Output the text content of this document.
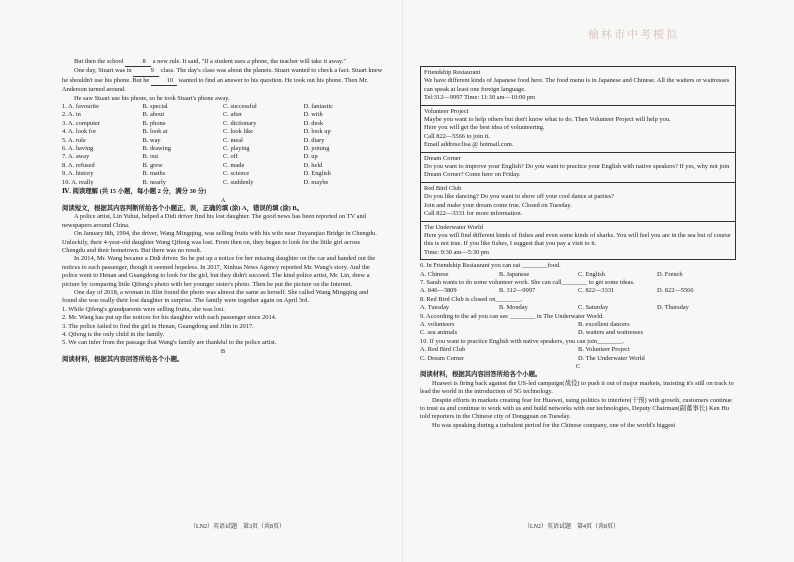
榆林市中考模拟

But then the school	8 a new rule. It said, "If a student uses a phone, the teacher will take it away."

One day, Stuart was in	9 class. The day's class was about the planets. Stuart wanted to check a fact. Stuart knew he shouldn't use his phone. But he 10 wanted to find an answer to his question. He took out his phone. Then Mr. Anderson turned around.

He saw Stuart use his phone, so he took Stuart's phone away.

1. A. favourite	B. special	C. successful	D. fantastic
2. A. in	B. about	C. after	D. with
3. A. computer	B. phone	C. dictionary	D. desk
4. A. look for	B. look at	C. look like	D. look up
5. A. rule	B. way	C. meal	D. diary
6. A. having	B. drawing	C. playing	D. joining
7. A. away	B. out	C. off	D. up
8. A. refused	B. grew	C. made	D. held
9. A. history	B. maths	C. science	D. English
10. A. really	B. nearly	C. suddenly	D. maybe

Ⅳ. 阅读理解 (共 15 小题，每小题 2 分，满分 30 分)

A

阅读短文，根据其内容判断所给各个小题正、误，正确的填 (涂) A，错误的填 (涂) B。

A police artist, Lin Yuhui, helped a Didi driver find his lost daughter. The good news has been reported on TV and newspapers around China.

On January 8th, 1994, the driver, Wang Mingqing, was selling fruits with his wife near Jiuyanqiao Bridge in Chengdu. Unluckily, their 4-year-old daughter Wang Qifeng was lost. From then on, they began to look for the little girl across Chengdu and their hometown. But there was no result.

In 2014, Mr. Wang became a Didi driver. So he put up a notice for her missing daughter on the car and handed out the notices to each passenger, though it seemed hopeless. In 2017, Xinhua News Agency reported Mr. Wang's story. And the police went to Henan and Guangdong to look for the girl, but they didn't succeed. The kind police artist, Mr. Lin, drew a picture by comparing little Qifeng's photo with her younger sister's photo. Then he put the picture on the Internet.

One day of 2018, a woman in Jilin found the photo was almost the same as herself. She called Wang Mingqing and found she was really their lost daughter in surprise. The family were together again on April 3rd.

1. While Qifeng's grandparents were selling fruits, she was lost.

2. Mr. Wang has put up the notices for his daughter with each passenger since 2014.

3. The police failed to find the girl in Henan, Guangdong and Jilin in 2017.

4. Qifeng is the only child in the family.

5. We can infer from the passage that Wang's family are thankful to the police artist.

B

阅读材料，根据其内容回答所给各个小题。

（LN2）英语试题　第3页（共8页）

Friendship Restaurant

We have different kinds of Japanese food here. The food menu is in Japanese and Chinese. All the waiters or waitresses can speak at least one foreign language.

Tel:312—9997 Time: 11:30 am—10:00 pm

Volunteer Project

Maybe you want to help others but don't know what to do. Then Volunteer Project will help you.

Here you will get the best idea of volunteering.

Call 822—5566 to join it.

Email address:lisa @ hotmail.com.

Dream Corner

Do you want to improve your English? Do you want to practice your English with native speakers? If yes, why not join Dream Corner? Come here on Friday.

Red Bird Club

Do you like dancing? Do you want to show off your cool dance at parties?

Join and make your dream come true. Closed on Tuesday.

Call 822—3331 for more information.

The Underwater World

Here you will find different kinds of fishes and even some kinds of sharks. You will feel you are in the sea but of course this is not true. If you like fishes, I suggest that you pay a visit to it.

Time: 9:30 am—5:30 pm

6. In Friendship Restaurant you can eat ________food.

A. Chinese	B. Japanese	C. English	D. French

7. Sarah wants to do some volunteer work. She can call________ to get some ideas.

A. 846—3809	B. 312—9997	C. 822—3331	D. 822—5566

8. Red Bird Club is closed on________.

A. Tuesday	B. Monday	C. Saturday	D. Thursday

9. According to the ad you can see ________ in The Underwater World.

A. volunteers	B. excellent dancers
C. sea animals	D. waiters and waitresses

10. If you want to practice English with native speakers, you can join________.

A. Red Bird Club	B. Volunteer Project
C. Dream Corner	D. The Underwater World

C

阅读材料，根据其内容回答所给各个小题。

Huawei is firing back against the US-led campaign(战役) to push it out of major markets, insisting it's still on track to lead the world in the introduction of 5G technology.

Despite efforts in markets creating fear for Huawei, using politics to interfere(干预) with growth, customers continue to trust us and continue to work with us and build networks with our technologies, Deputy Chairman(副董事长) Ken Hu told reporters in the Chinese city of Dongguan on Tuesday.

Hu was speaking during a turbulent period for the Chinese company, one of the world's biggest

（LN2）英语试题　第4页（共8页）
